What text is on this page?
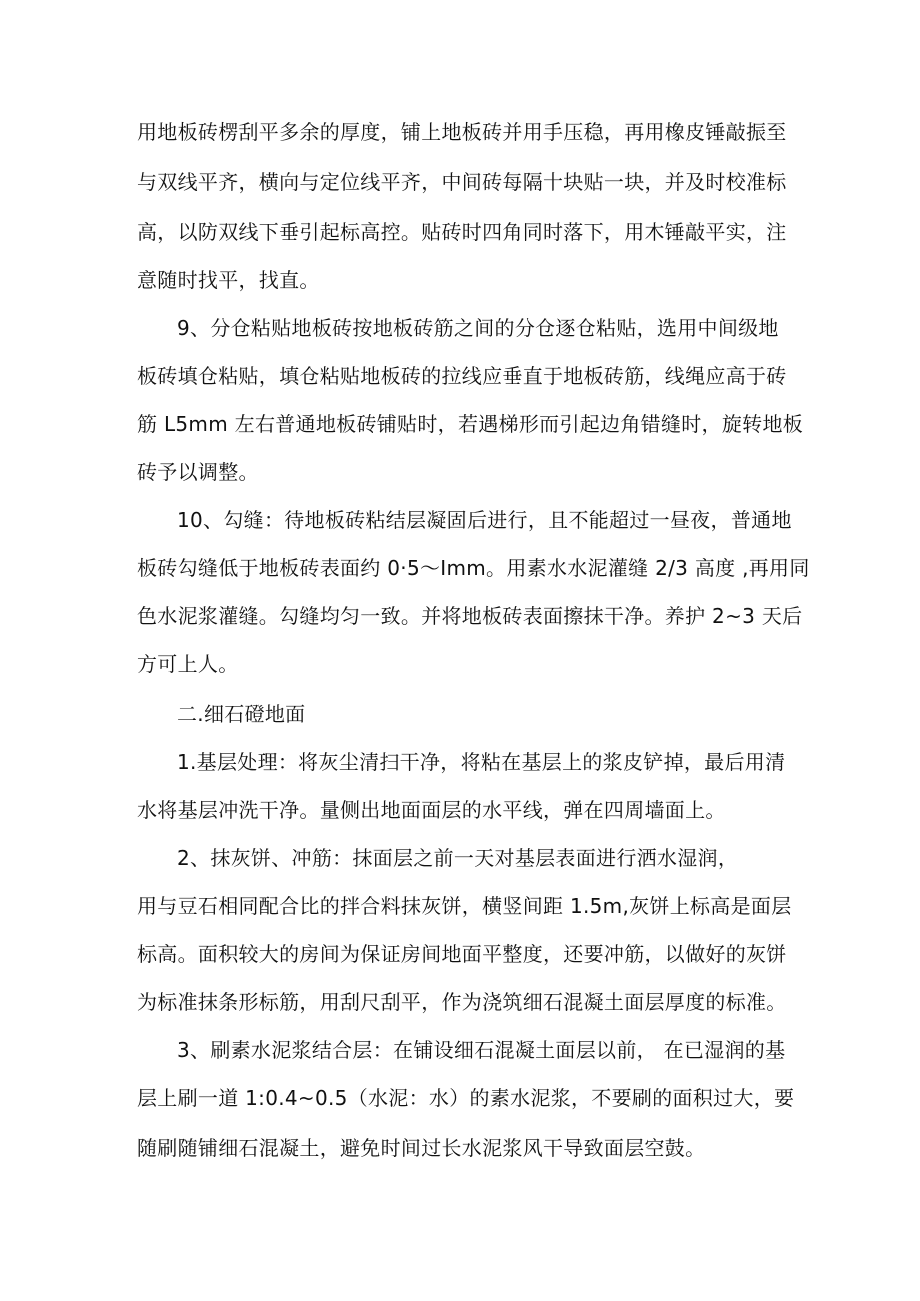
用地板砖楞刮平多余的厚度，铺上地板砖并用手压稳，再用橡皮锤敲振至
与双线平齐，横向与定位线平齐，中间砖每隔十块贴一块，并及时校准标
高，以防双线下垂引起标高控。贴砖时四角同时落下，用木锤敲平实，注
意随时找平，找直。
9、分仓粘贴地板砖按地板砖筋之间的分仓逐仓粘贴，选用中间级地
板砖填仓粘贴，填仓粘贴地板砖的拉线应垂直于地板砖筋，线绳应高于砖
筋 L5mm 左右普通地板砖铺贴时，若遇梯形而引起边角错缝时，旋转地板
砖予以调整。
10、勾缝：待地板砖粘结层凝固后进行，且不能超过一昼夜，普通地
板砖勾缝低于地板砖表面约 0·5～Imm。用素水水泥灌缝 2/3 高度 ,再用同
色水泥浆灌缝。勾缝均匀一致。并将地板砖表面擦抹干净。养护 2~3 天后
方可上人。
二.细石磴地面
1.基层处理：将灰尘清扫干净，将粘在基层上的浆皮铲掉，最后用清
水将基层冲洗干净。量侧出地面面层的水平线，弹在四周墙面上。
2、抹灰饼、冲筋：抹面层之前一天对基层表面进行洒水湿润，
用与豆石相同配合比的拌合料抹灰饼，横竖间距 1.5m,灰饼上标高是面层
标高。面积较大的房间为保证房间地面平整度，还要冲筋，以做好的灰饼
为标准抹条形标筋，用刮尺刮平，作为浇筑细石混凝土面层厚度的标准。
3、刷素水泥浆结合层：在铺设细石混凝土面层以前， 在已湿润的基
层上刷一道 1:0.4~0.5（水泥：水）的素水泥浆，不要刷的面积过大，要
随刷随铺细石混凝土，避免时间过长水泥浆风干导致面层空鼓。
